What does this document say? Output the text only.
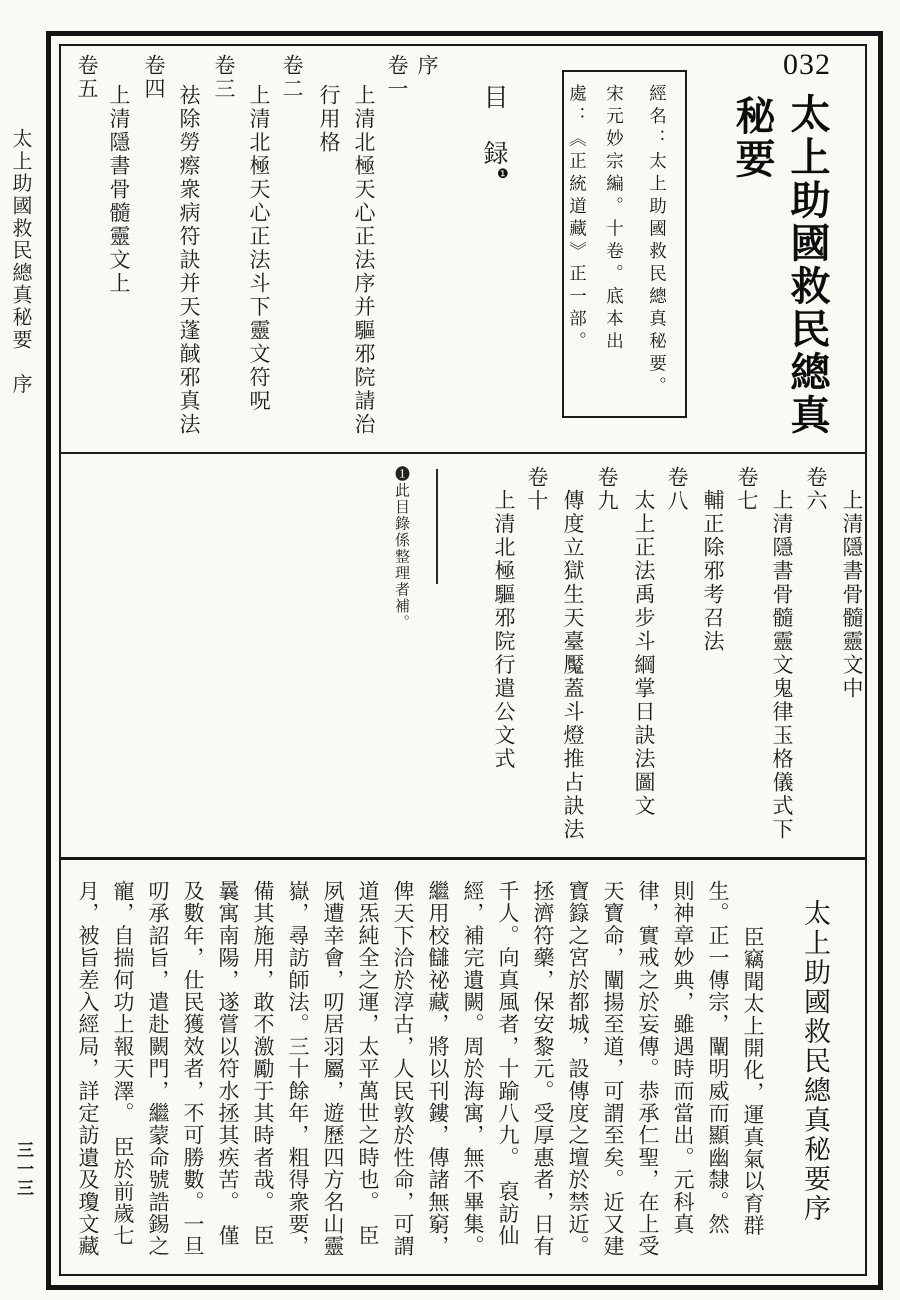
太上助國救民總真秘要　序
三一三
032
太上助國救民總真
秘要
經名：太上助國救民總真秘要。
宋元妙宗編。十卷。底本出
處：《正統道藏》正一部。
目　録
❶
序
卷一
上清北極天心正法序并驅邪院請治
行用格
卷二
上清北極天心正法斗下靈文符呪
卷三
祛除勞瘵衆病符訣并天蓬馘邪真法
卷四
上清隱書骨髓靈文上
卷五
上清隱書骨髓靈文中
卷六
上清隱書骨髓靈文鬼律玉格儀式下
卷七
輔正除邪考召法
卷八
太上正法禹步斗綱掌日訣法圖文
卷九
傳度立獄生天臺魘蓋斗燈推占訣法
卷十
上清北極驅邪院行遣公文式
❶此目錄係整理者補。
太上助國救民總真秘要序
臣竊聞太上開化，運真氣以育群
生。正一傳宗，闡明威而顯幽隸。然
則神章妙典，雖遇時而當出。元科真
律，實戒之於妄傳。恭承仁聖，在上受
天寶命，闡揚至道，可謂至矣。近又建
寶籙之宮於都城，設傳度之壇於禁近。
拯濟符藥，保安黎元。受厚惠者，日有
千人。向真風者，十踰八九。　裒訪仙
經，補完遺闕。周於海寓，無不畢集。
繼用校讎祕藏，將以刊鏤，傳諸無窮，
俾天下洽於淳古，人民敦於性命，可謂
道炁純全之運，太平萬世之時也。　臣
夙遭幸會，叨居羽屬，遊歷四方名山靈
嶽，尋訪師法。三十餘年，粗得衆要，
備其施用，敢不激勵于其時者哉。　臣
曩寓南陽，遂嘗以符水拯其疾苦。　僅
及數年，仕民獲效者，不可勝數。一旦
叨承詔旨，遣赴闕門，繼蒙命號誥錫之
寵，自揣何功上報天澤。　臣於前歲七
月，被旨差入經局，詳定訪遺及瓊文藏
